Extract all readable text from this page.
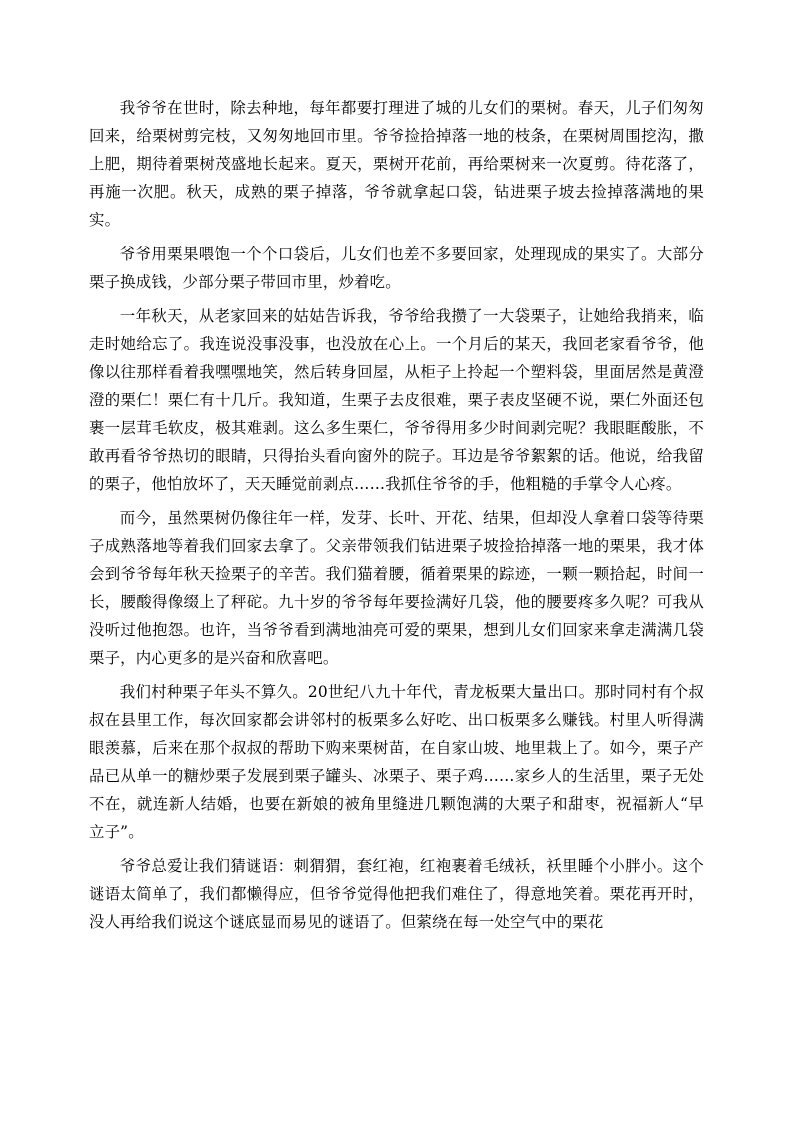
我爷爷在世时，除去种地，每年都要打理进了城的儿女们的栗树。春天，儿子们匆匆回来，给栗树剪完枝，又匆匆地回市里。爷爷捡拾掉落一地的枝条，在栗树周围挖沟，撒上肥，期待着栗树茂盛地长起来。夏天，栗树开花前，再给栗树来一次夏剪。待花落了，再施一次肥。秋天，成熟的栗子掉落，爷爷就拿起口袋，钻进栗子坡去捡掉落满地的果实。

爷爷用栗果喂饱一个个口袋后，儿女们也差不多要回家，处理现成的果实了。大部分栗子换成钱，少部分栗子带回市里，炒着吃。

一年秋天，从老家回来的姑姑告诉我，爷爷给我攒了一大袋栗子，让她给我捎来，临走时她给忘了。我连说没事没事，也没放在心上。一个月后的某天，我回老家看爷爷，他像以往那样看着我嘿嘿地笑，然后转身回屋，从柜子上拎起一个塑料袋，里面居然是黄澄澄的栗仁！栗仁有十几斤。我知道，生栗子去皮很难，栗子表皮坚硬不说，栗仁外面还包裹一层茸毛软皮，极其难剥。这么多生栗仁，爷爷得用多少时间剥完呢？我眼眶酸胀，不敢再看爷爷热切的眼睛，只得抬头看向窗外的院子。耳边是爷爷絮絮的话。他说，给我留的栗子，他怕放坏了，天天睡觉前剥点……我抓住爷爷的手，他粗糙的手掌令人心疼。

而今，虽然栗树仍像往年一样，发芽、长叶、开花、结果，但却没人拿着口袋等待栗子成熟落地等着我们回家去拿了。父亲带领我们钻进栗子坡捡拾掉落一地的栗果，我才体会到爷爷每年秋天捡栗子的辛苦。我们猫着腰，循着栗果的踪迹，一颗一颗拾起，时间一长，腰酸得像缀上了秤砣。九十岁的爷爷每年要捡满好几袋，他的腰要疼多久呢？可我从没听过他抱怨。也许，当爷爷看到满地油亮可爱的栗果，想到儿女们回家来拿走满满几袋栗子，内心更多的是兴奋和欣喜吧。

我们村种栗子年头不算久。20世纪八九十年代，青龙板栗大量出口。那时同村有个叔叔在县里工作，每次回家都会讲邻村的板栗多么好吃、出口板栗多么赚钱。村里人听得满眼羡慕，后来在那个叔叔的帮助下购来栗树苗，在自家山坡、地里栽上了。如今，栗子产品已从单一的糖炒栗子发展到栗子罐头、冰栗子、栗子鸡……家乡人的生活里，栗子无处不在，就连新人结婚，也要在新娘的被角里缝进几颗饱满的大栗子和甜枣，祝福新人“早立子”。

爷爷总爱让我们猜谜语：刺猬猬，套红袍，红袍裹着毛绒袄，袄里睡个小胖小。这个谜语太简单了，我们都懒得应，但爷爷觉得他把我们难住了，得意地笑着。栗花再开时，没人再给我们说这个谜底显而易见的谜语了。但萦绕在每一处空气中的栗花
